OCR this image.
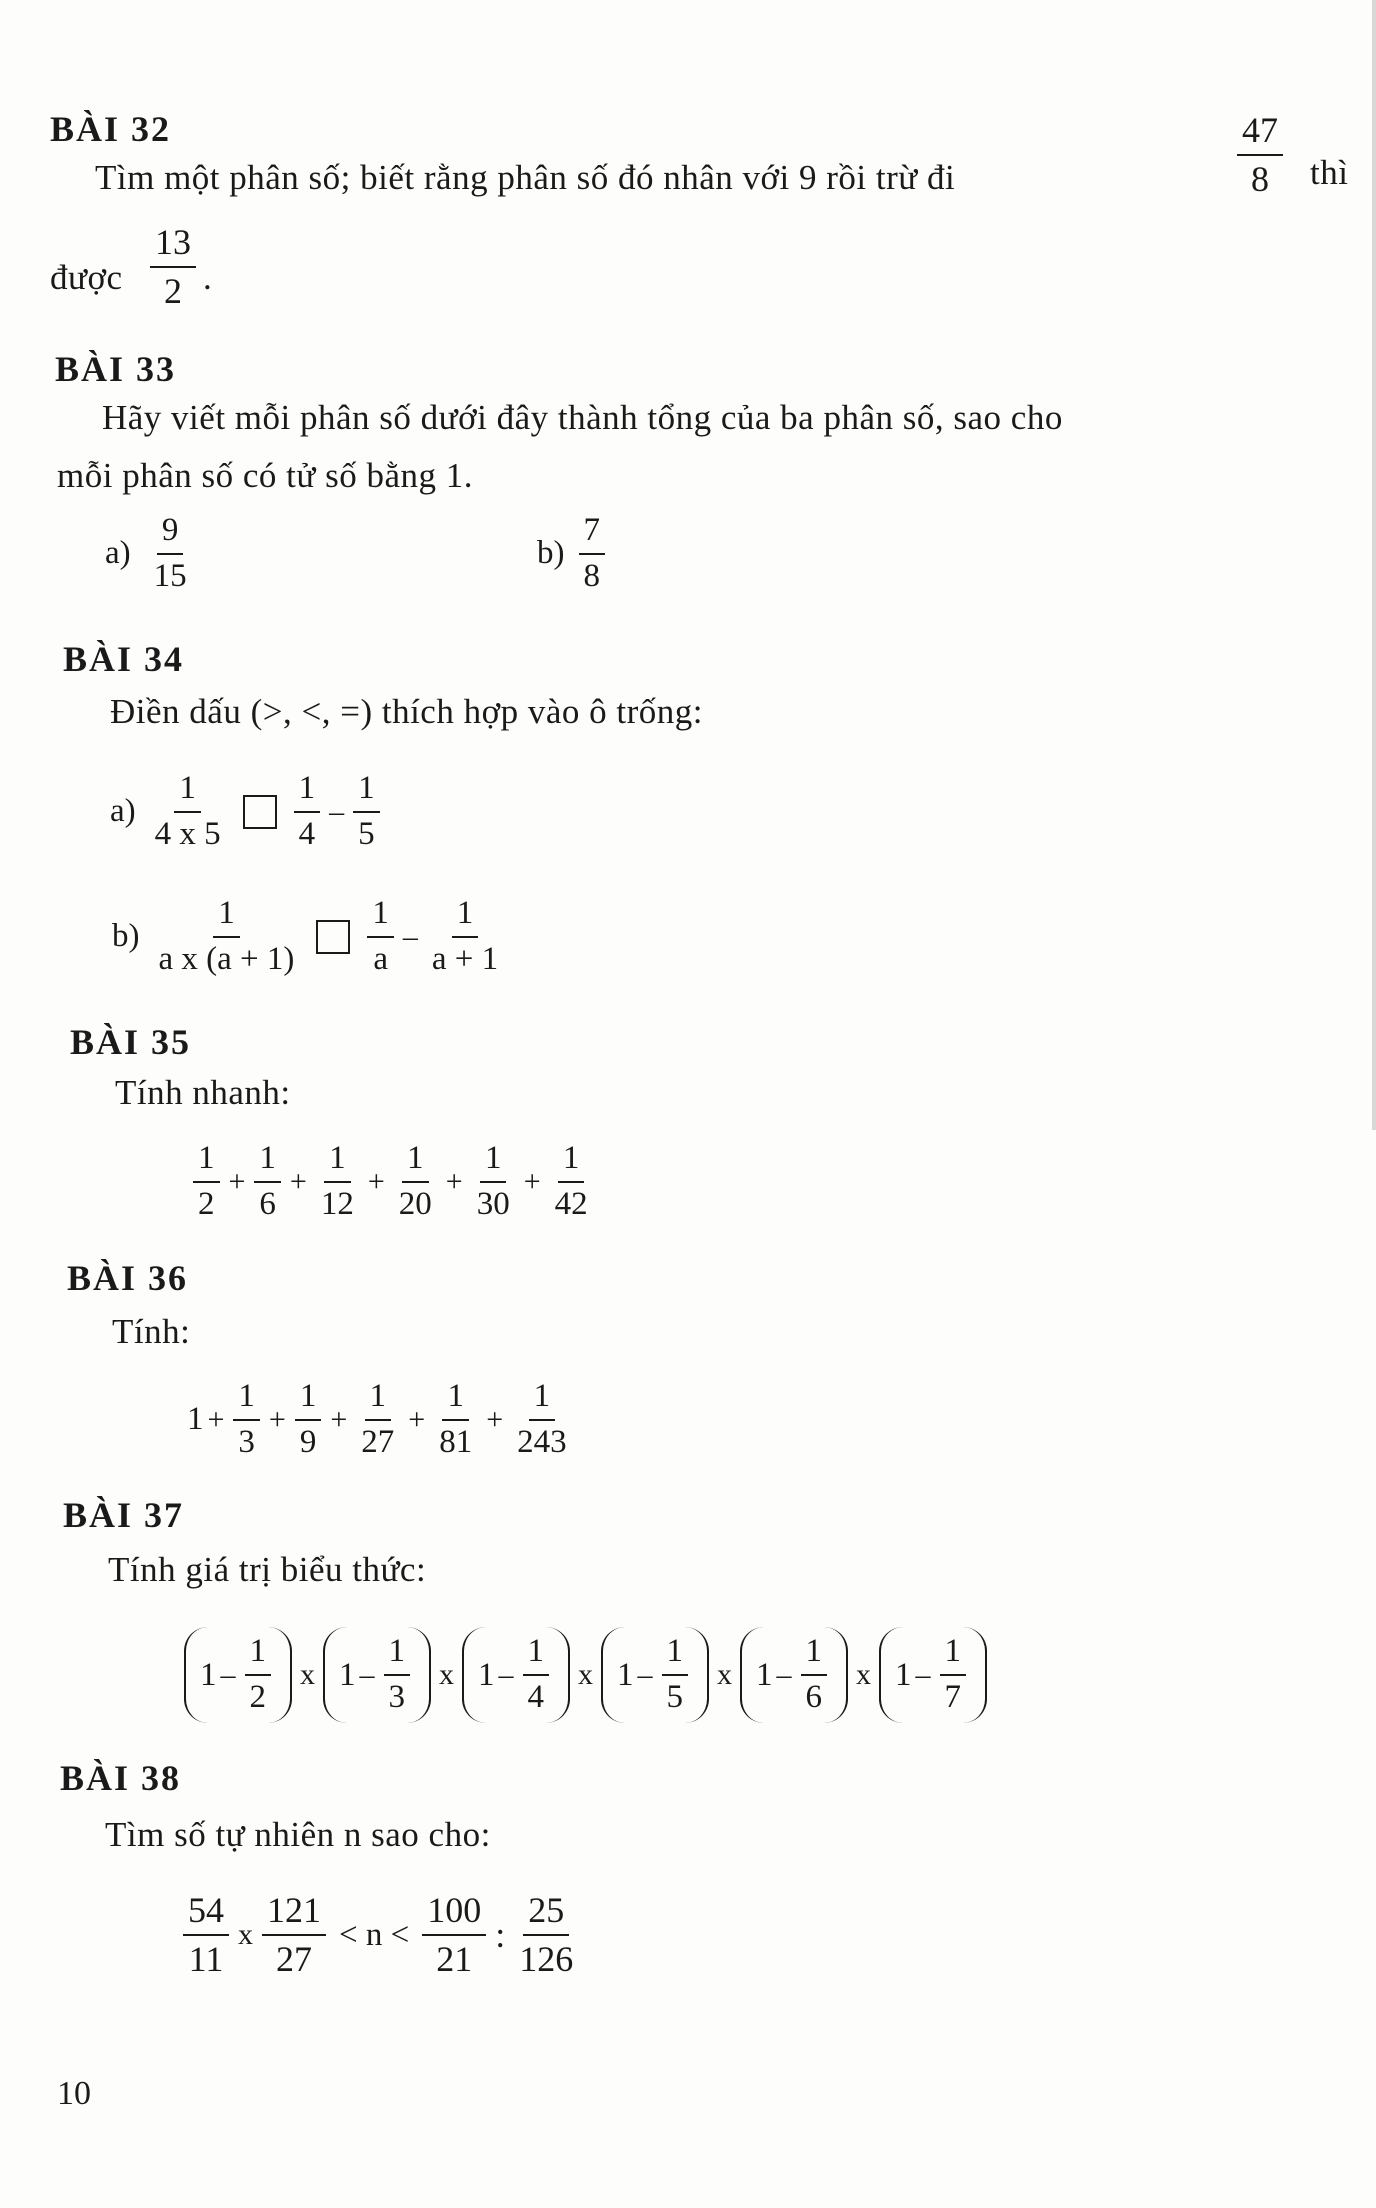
BÀI 32
Tìm một phân số; biết rằng phân số đó nhân với 9 rồi trừ đi	$\frac{47}{8}$ thì
được $\frac{13}{2}$ .
BÀI 33
Hãy viết mỗi phân số dưới đây thành tổng của ba phân số, sao cho
mỗi phân số có tử số bằng 1.
$a) \frac{9}{15}$	$b) \frac{7}{8}$
BÀI 34
Điền dấu (>, <, =) thích hợp vào ô trống:
$a) \frac{1}{4 x 5} \frac{1}{4} - \frac{1}{5}$
$b) \frac{1}{\text{a x (a + 1)}} \frac{1}{a} - \frac{1}{a + 1}$
BÀI 35
Tính nhanh:
$\frac{1}{2} + \frac{1}{6} + \frac{1}{12} + \frac{1}{20} + \frac{1}{30} + \frac{1}{42}$
BÀI 36
Tính:
$1 + \frac{1}{3} + \frac{1}{9} + \frac{1}{27} + \frac{1}{81} + \frac{1}{243}$
BÀI 37
Tính giá trị biểu thức:
$1 - \frac{1}{2}$ x $1 - \frac{1}{3}$ x $1 - \frac{1}{4}$ x $1 - \frac{1}{5}$ x $1 - \frac{1}{6}$ x $1 - \frac{1}{7}$
BÀI 38
Tìm số tự nhiên n sao cho:
$\frac{54}{11}$ x $\frac{121}{27} < n < \frac{100}{21}$ : $\frac{25}{126}$
10
